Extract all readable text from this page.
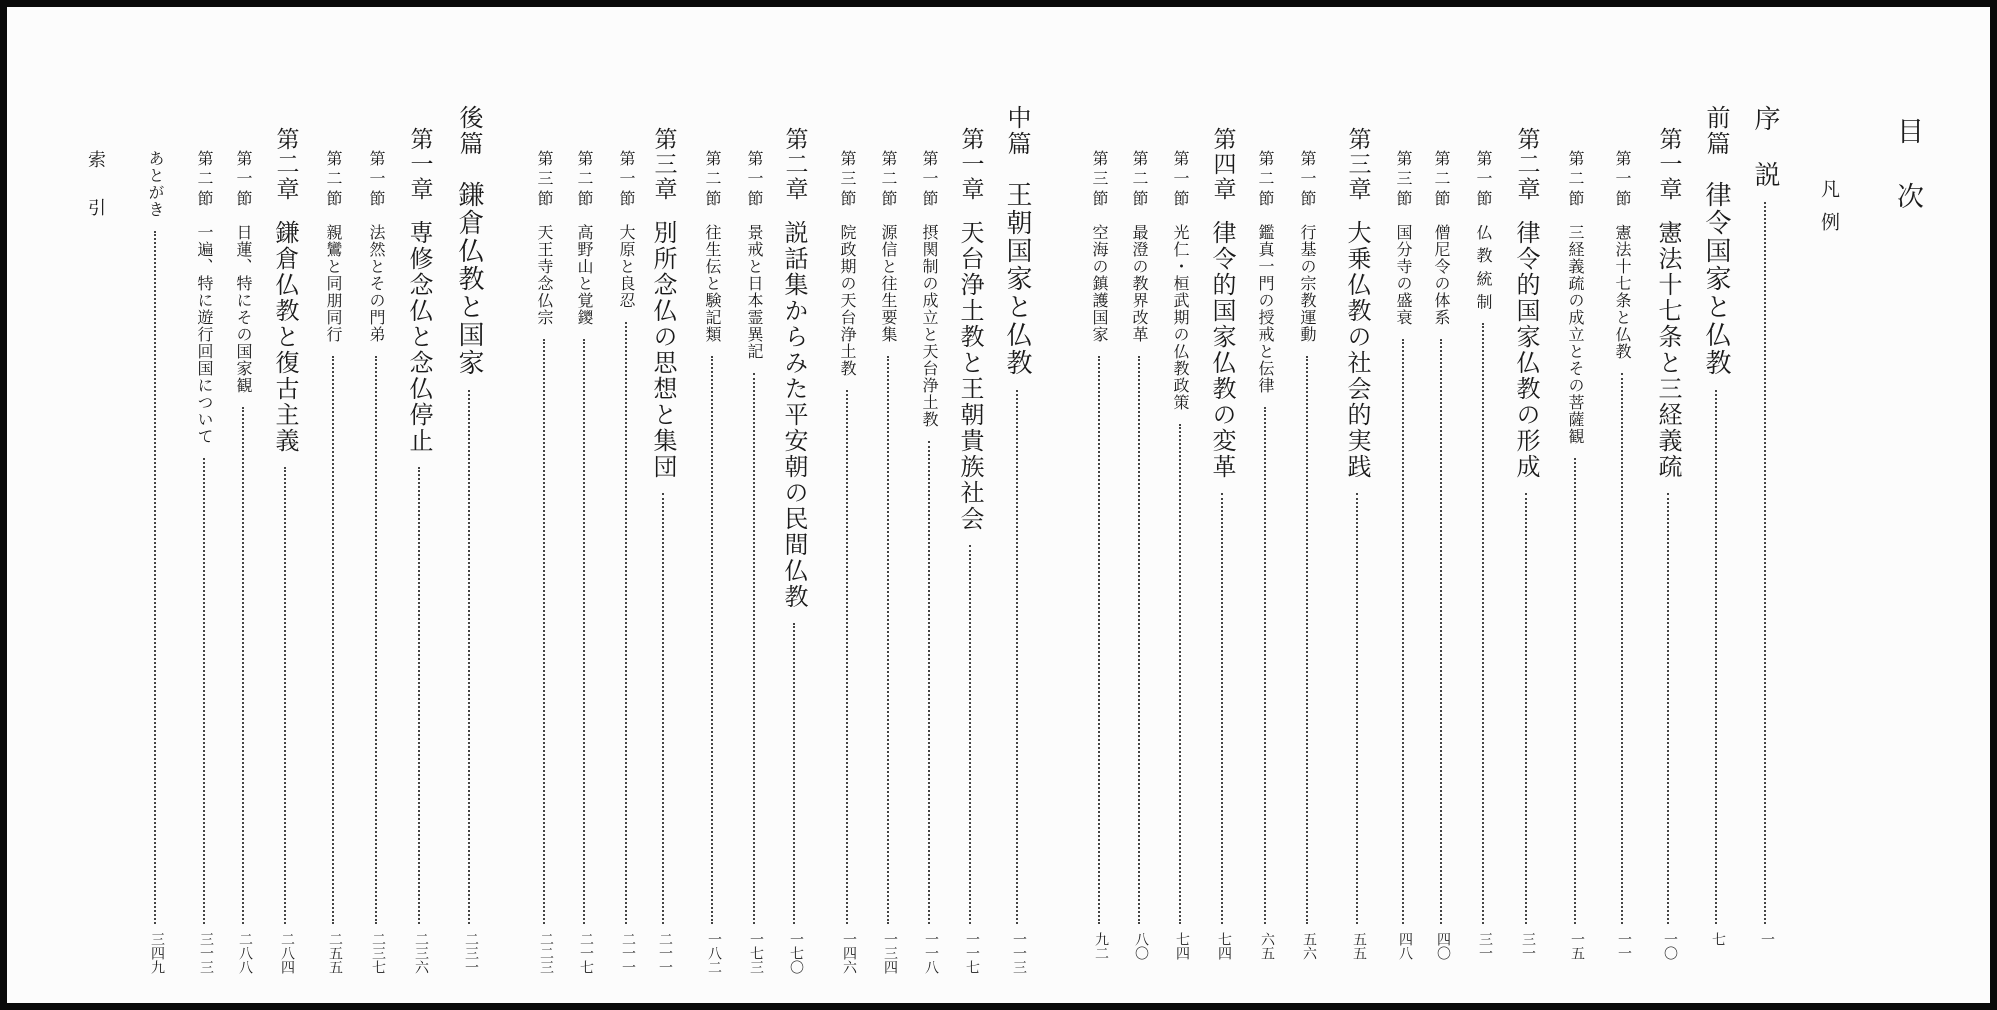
目次
凡例
序
説
一
前篇
律令国家と仏教
七
第一章
憲法十七条と三経義疏
一〇
第一節
憲法十七条と仏教
一一
第二節
三経義疏の成立とその菩薩観
一五
第二章
律令的国家仏教の形成
三一
第一節
仏 教 統 制
三一
第二節
僧尼令の体系
四〇
第三節
国分寺の盛衰
四八
第三章
大乗仏教の社会的実践
五五
第一節
行基の宗教運動
五六
第二節
鑑真一門の授戒と伝律
六五
第四章
律令的国家仏教の変革
七四
第一節
光仁・桓武期の仏教政策
七四
第二節
最澄の教界改革
八〇
第三節
空海の鎮護国家
九二
中篇
王朝国家と仏教
一一三
第一章
天台浄土教と王朝貴族社会
一一七
第一節
摂関制の成立と天台浄土教
一一八
第二節
源信と往生要集
一三四
第三節
院政期の天台浄土教
一四六
第二章
説話集からみた平安朝の民間仏教
一七〇
第一節
景戒と日本霊異記
一七三
第二節
往生伝と験記類
一八二
第三章
別所念仏の思想と集団
二一一
第一節
大原と良忍
二一一
第二節
高野山と覚鑁
二一七
第三節
天王寺念仏宗
二二三
後篇
鎌倉仏教と国家
二三一
第一章
専修念仏と念仏停止
二三六
第一節
法然とその門弟
二三七
第二節
親鸞と同朋同行
二五五
第二章
鎌倉仏教と復古主義
二八四
第一節
日蓮、特にその国家観
二八八
第二節
一遍、特に遊行回国について
三一三
あとがき
三四九
索
引
